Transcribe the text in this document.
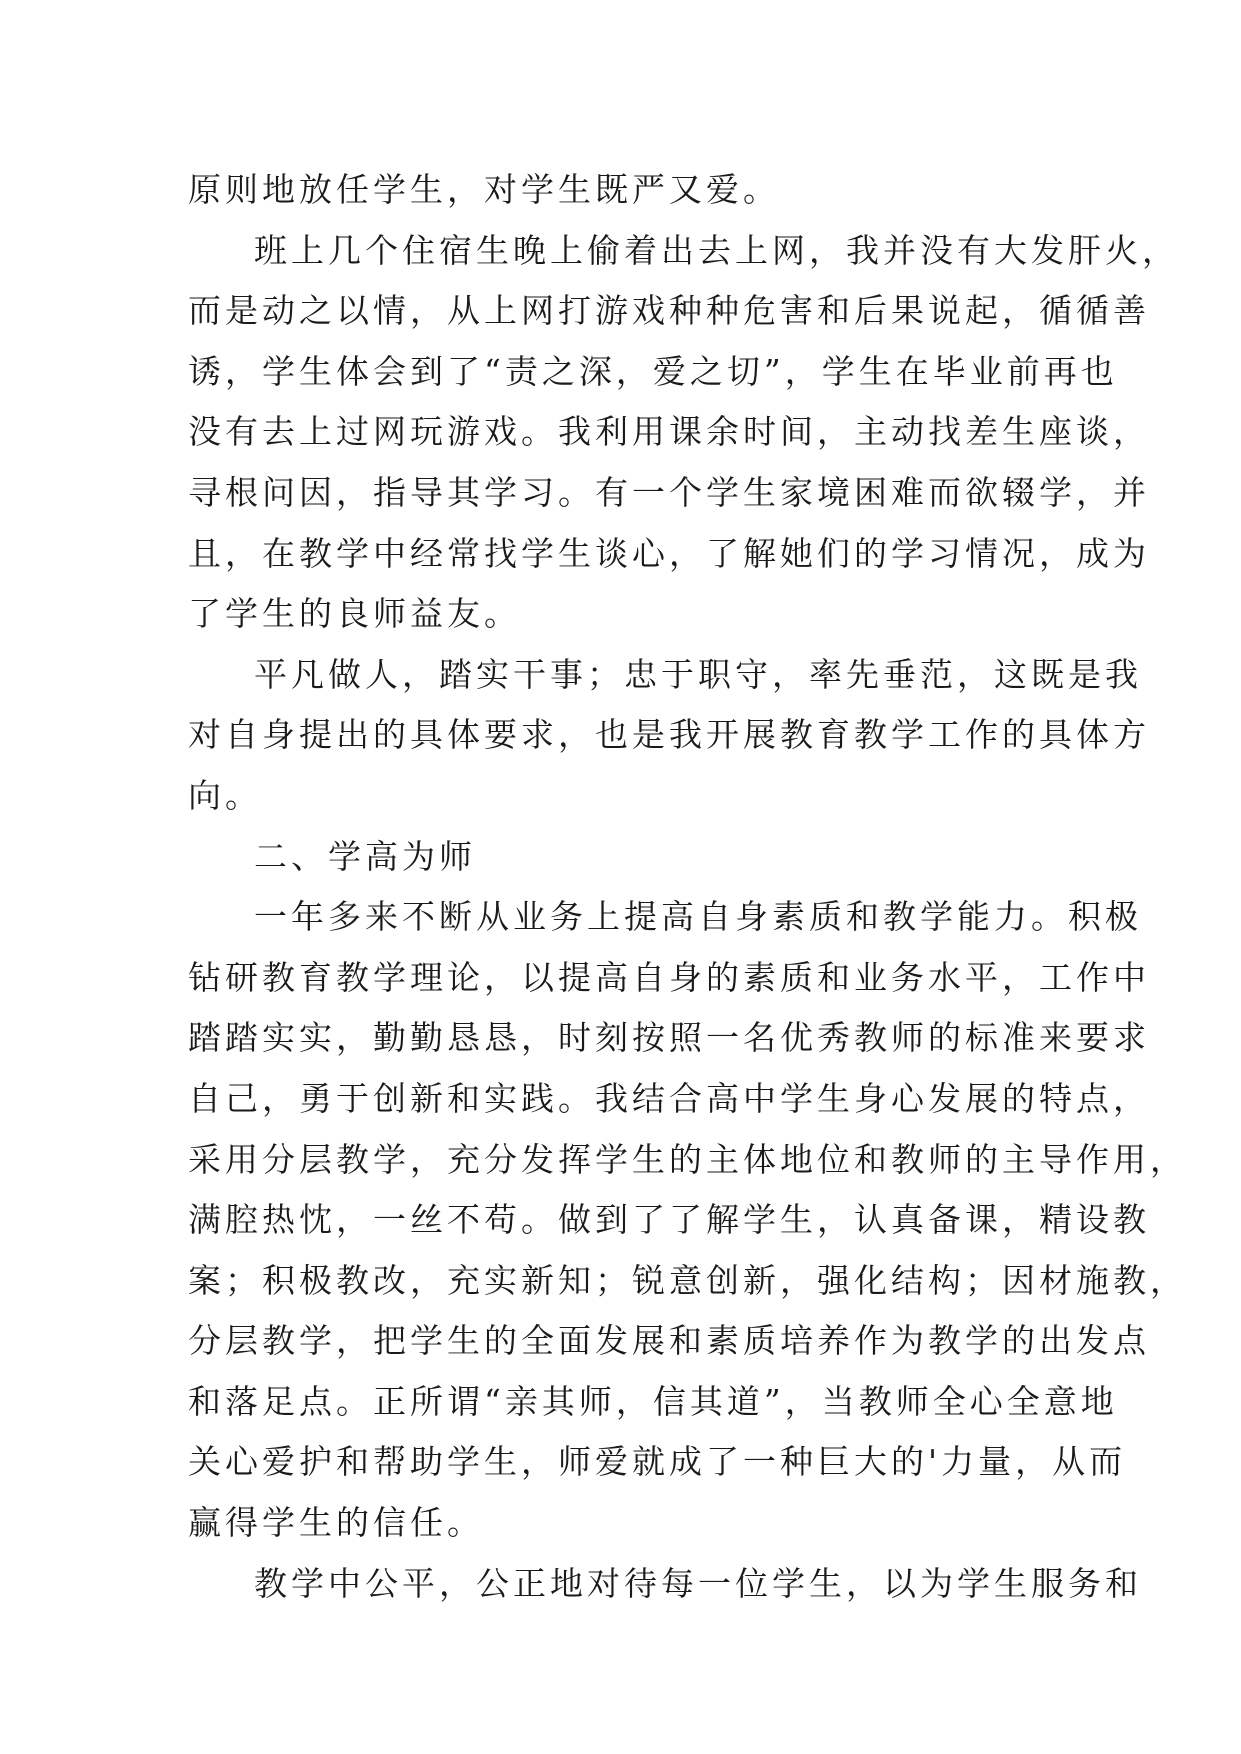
原则地放任学生，对学生既严又爱。
班上几个住宿生晚上偷着出去上网，我并没有大发肝火，
而是动之以情，从上网打游戏种种危害和后果说起，循循善
诱，学生体会到了“责之深，爱之切”，学生在毕业前再也
没有去上过网玩游戏。我利用课余时间，主动找差生座谈，
寻根问因，指导其学习。有一个学生家境困难而欲辍学，并
且，在教学中经常找学生谈心，了解她们的学习情况，成为
了学生的良师益友。
平凡做人，踏实干事；忠于职守，率先垂范，这既是我
对自身提出的具体要求，也是我开展教育教学工作的具体方
向。
二、学高为师
一年多来不断从业务上提高自身素质和教学能力。积极
钻研教育教学理论，以提高自身的素质和业务水平，工作中
踏踏实实，勤勤恳恳，时刻按照一名优秀教师的标准来要求
自己，勇于创新和实践。我结合高中学生身心发展的特点，
采用分层教学，充分发挥学生的主体地位和教师的主导作用，
满腔热忱，一丝不苟。做到了了解学生，认真备课，精设教
案；积极教改，充实新知；锐意创新，强化结构；因材施教，
分层教学，把学生的全面发展和素质培养作为教学的出发点
和落足点。正所谓“亲其师，信其道”，当教师全心全意地
关心爱护和帮助学生，师爱就成了一种巨大的'力量，从而
赢得学生的信任。
教学中公平，公正地对待每一位学生，以为学生服务和
